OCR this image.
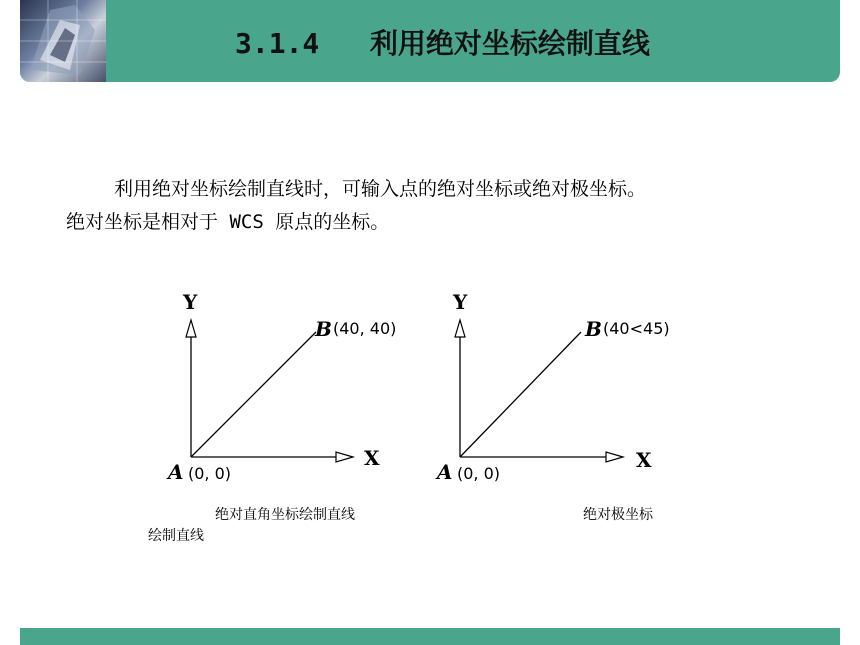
3.1.4   利用绝对坐标绘制直线
利用绝对坐标绘制直线时，可输入点的绝对坐标或绝对极坐标。
绝对坐标是相对于 WCS 原点的坐标。
Y
X
A (0, 0)
B (40, 40)
Y
X
A (0, 0)
B (40<45)
绝对直角坐标绘制直线
绘制直线
绝对极坐标
